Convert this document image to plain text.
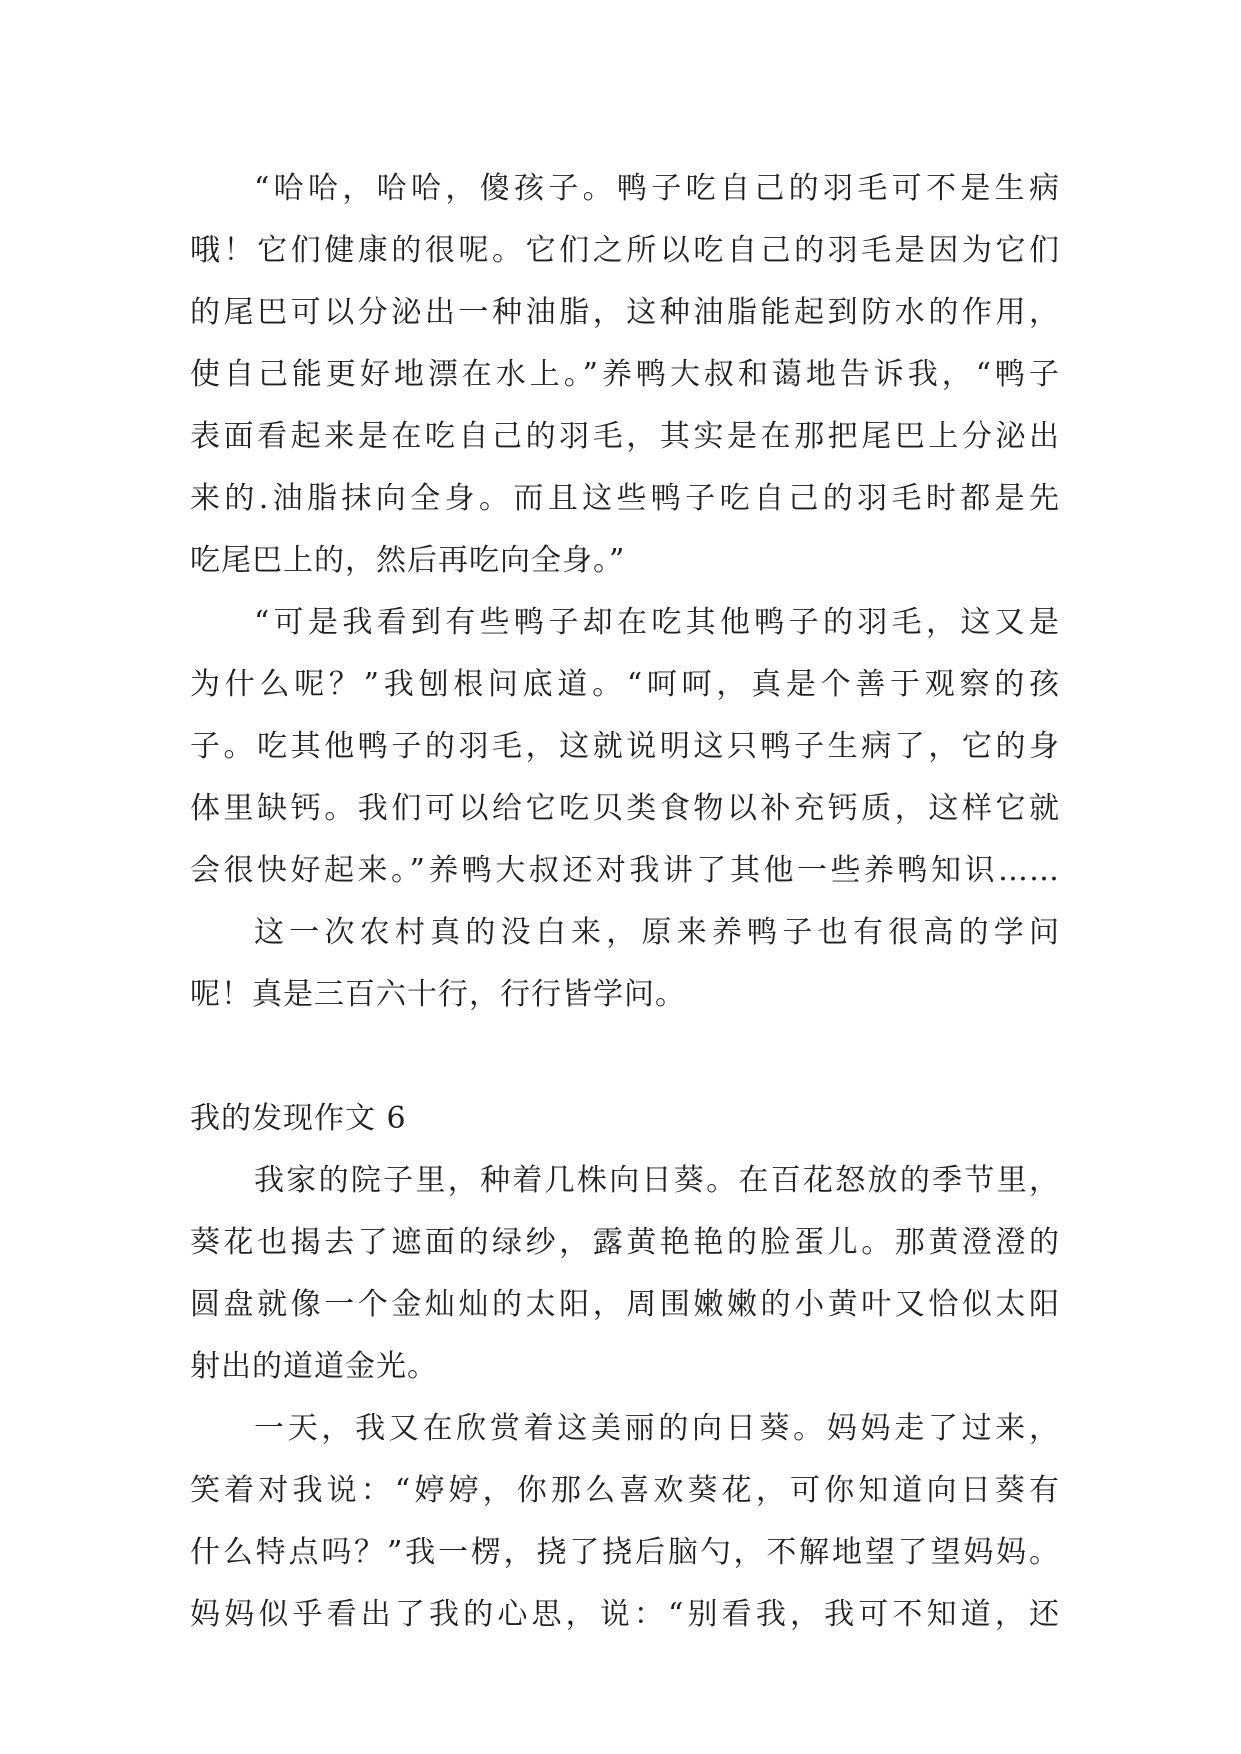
“哈哈，哈哈，傻孩子。鸭子吃自己的羽毛可不是生病
哦！它们健康的很呢。它们之所以吃自己的羽毛是因为它们
的尾巴可以分泌出一种油脂，这种油脂能起到防水的作用，
使自己能更好地漂在水上。”养鸭大叔和蔼地告诉我，“鸭子
表面看起来是在吃自己的羽毛，其实是在那把尾巴上分泌出
来的.油脂抹向全身。而且这些鸭子吃自己的羽毛时都是先
吃尾巴上的，然后再吃向全身。”
“可是我看到有些鸭子却在吃其他鸭子的羽毛，这又是
为什么呢？”我刨根问底道。“呵呵，真是个善于观察的孩
子。吃其他鸭子的羽毛，这就说明这只鸭子生病了，它的身
体里缺钙。我们可以给它吃贝类食物以补充钙质，这样它就
会很快好起来。”养鸭大叔还对我讲了其他一些养鸭知识……
这一次农村真的没白来，原来养鸭子也有很高的学问
呢！真是三百六十行，行行皆学问。
我的发现作文 6
我家的院子里，种着几株向日葵。在百花怒放的季节里，
葵花也揭去了遮面的绿纱，露黄艳艳的脸蛋儿。那黄澄澄的
圆盘就像一个金灿灿的太阳，周围嫩嫩的小黄叶又恰似太阳
射出的道道金光。
一天，我又在欣赏着这美丽的向日葵。妈妈走了过来，
笑着对我说：“婷婷，你那么喜欢葵花，可你知道向日葵有
什么特点吗？”我一楞，挠了挠后脑勺，不解地望了望妈妈。
妈妈似乎看出了我的心思，说：“别看我，我可不知道，还
